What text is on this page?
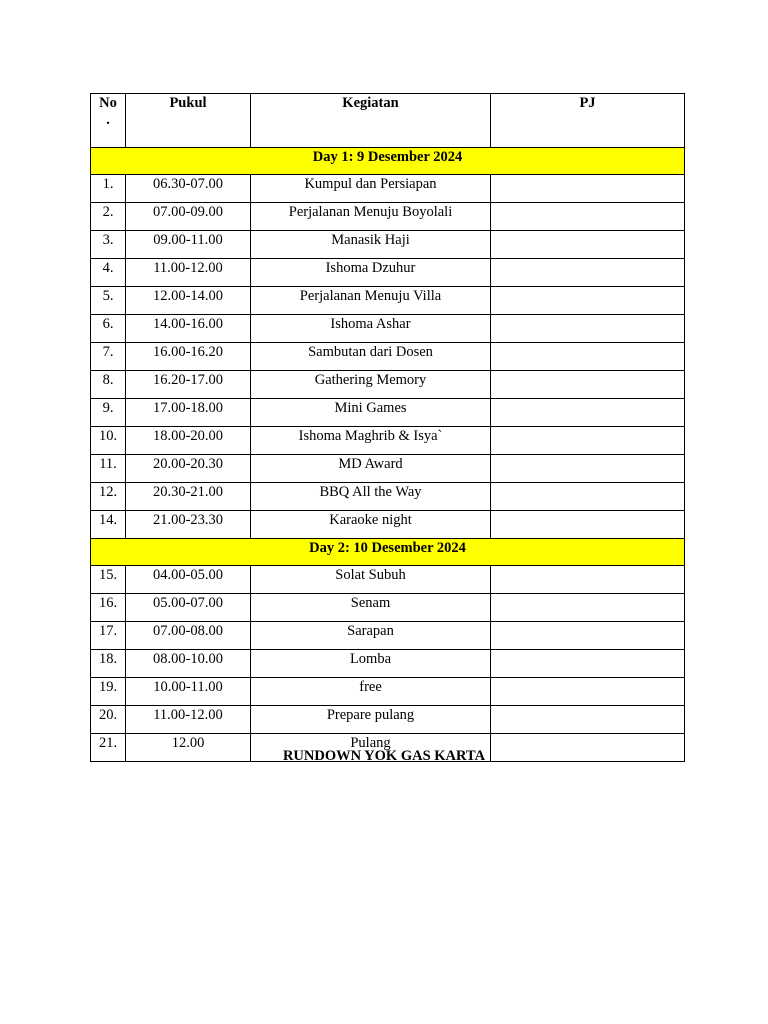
No
.	Pukul	Kegiatan	PJ
Day 1: 9 Desember 2024			
1.	06.30-07.00	Kumpul dan Persiapan	
2.	07.00-09.00	Perjalanan Menuju Boyolali	
3.	09.00-11.00	Manasik Haji	
4.	11.00-12.00	Ishoma Dzuhur	
5.	12.00-14.00	Perjalanan Menuju Villa	
6.	14.00-16.00	Ishoma Ashar	
7.	16.00-16.20	Sambutan dari Dosen	
8.	16.20-17.00	Gathering Memory	
9.	17.00-18.00	Mini Games	
10.	18.00-20.00	Ishoma Maghrib & Isya`	
11.	20.00-20.30	MD Award	
12.	20.30-21.00	BBQ All the Way	
14.	21.00-23.30	Karaoke night	
Day 2: 10 Desember 2024			
15.	04.00-05.00	Solat Subuh	
16.	05.00-07.00	Senam	
17.	07.00-08.00	Sarapan	
18.	08.00-10.00	Lomba	
19.	10.00-11.00	free	
20.	11.00-12.00	Prepare pulang	
21.	12.00	Pulang	
RUNDOWN YOK GAS KARTA
